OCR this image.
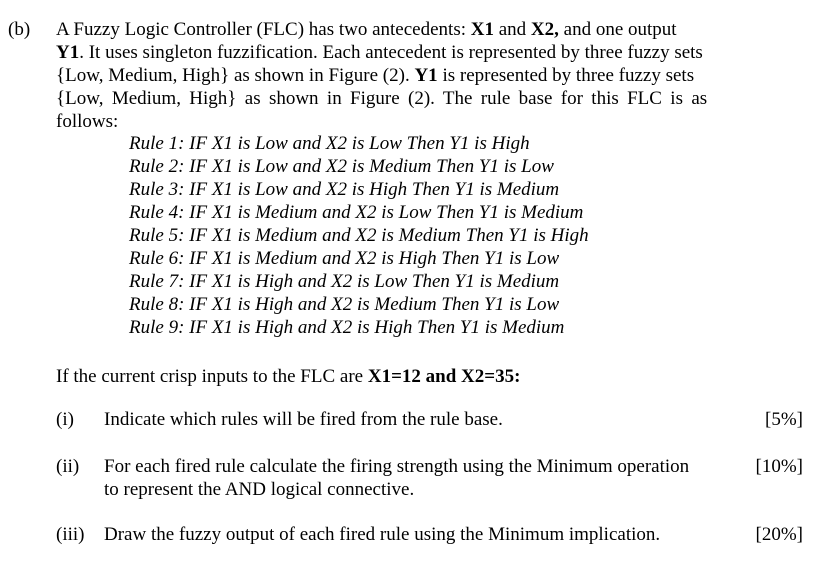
(b) A Fuzzy Logic Controller (FLC) has two antecedents: X1 and X2, and one output
Y1. It uses singleton fuzzification. Each antecedent is represented by three fuzzy sets
{Low, Medium, High} as shown in Figure (2). Y1 is represented by three fuzzy sets
{Low, Medium, High} as shown in Figure (2). The rule base for this FLC is as
follows:
Rule 1: IF X1 is Low and X2 is Low Then Y1 is High
Rule 2: IF X1 is Low and X2 is Medium Then Y1 is Low
Rule 3: IF X1 is Low and X2 is High Then Y1 is Medium
Rule 4: IF X1 is Medium and X2 is Low Then Y1 is Medium
Rule 5: IF X1 is Medium and X2 is Medium Then Y1 is High
Rule 6: IF X1 is Medium and X2 is High Then Y1 is Low
Rule 7: IF X1 is High and X2 is Low Then Y1 is Medium
Rule 8: IF X1 is High and X2 is Medium Then Y1 is Low
Rule 9: IF X1 is High and X2 is High Then Y1 is Medium
If the current crisp inputs to the FLC are X1=12 and X2=35:
(i) Indicate which rules will be fired from the rule base.	[5%]
(ii) For each fired rule calculate the firing strength using the Minimum operation
to represent the AND logical connective.
[10%]
(iii) Draw the fuzzy output of each fired rule using the Minimum implication.	[20%]
